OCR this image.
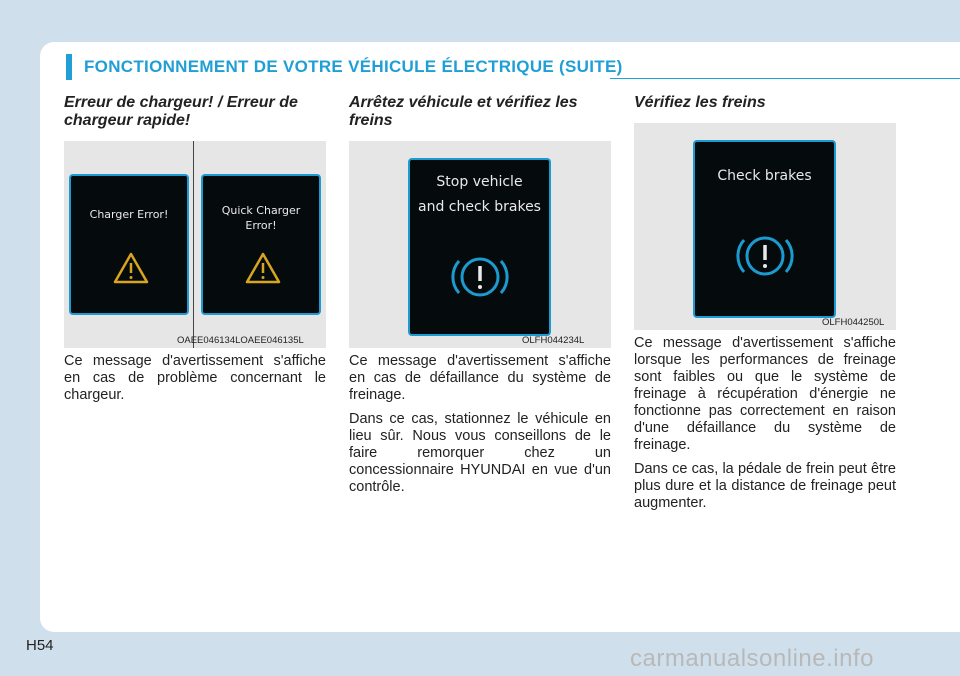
FONCTIONNEMENT DE VOTRE VÉHICULE ÉLECTRIQUE (SUITE)
Erreur de chargeur! / Erreur de chargeur rapide!
Charger Error!	Quick Charger
Error!
OAEE046134LOAEE046135L

Ce message d'avertissement s'affiche en cas de problème concernant le chargeur.

Arrêtez véhicule et vérifiez les freins
Stop vehicle
and check brakes
OLFH044234L

Ce message d'avertissement s'affiche en cas de défaillance du système de freinage.

Dans ce cas, stationnez le véhicule en lieu sûr. Nous vous conseillons de le faire remorquer chez un concessionnaire HYUNDAI en vue d'un contrôle.

Vérifiez les freins
Check brakes
OLFH044250L

Ce message d'avertissement s'affiche lorsque les performances de freinage sont faibles ou que le système de freinage à récupération d'énergie ne fonctionne pas correctement en raison d'une défaillance du système de freinage.

Dans ce cas, la pédale de frein peut être plus dure et la distance de freinage peut augmenter.

H54	carmanualsonline.info
